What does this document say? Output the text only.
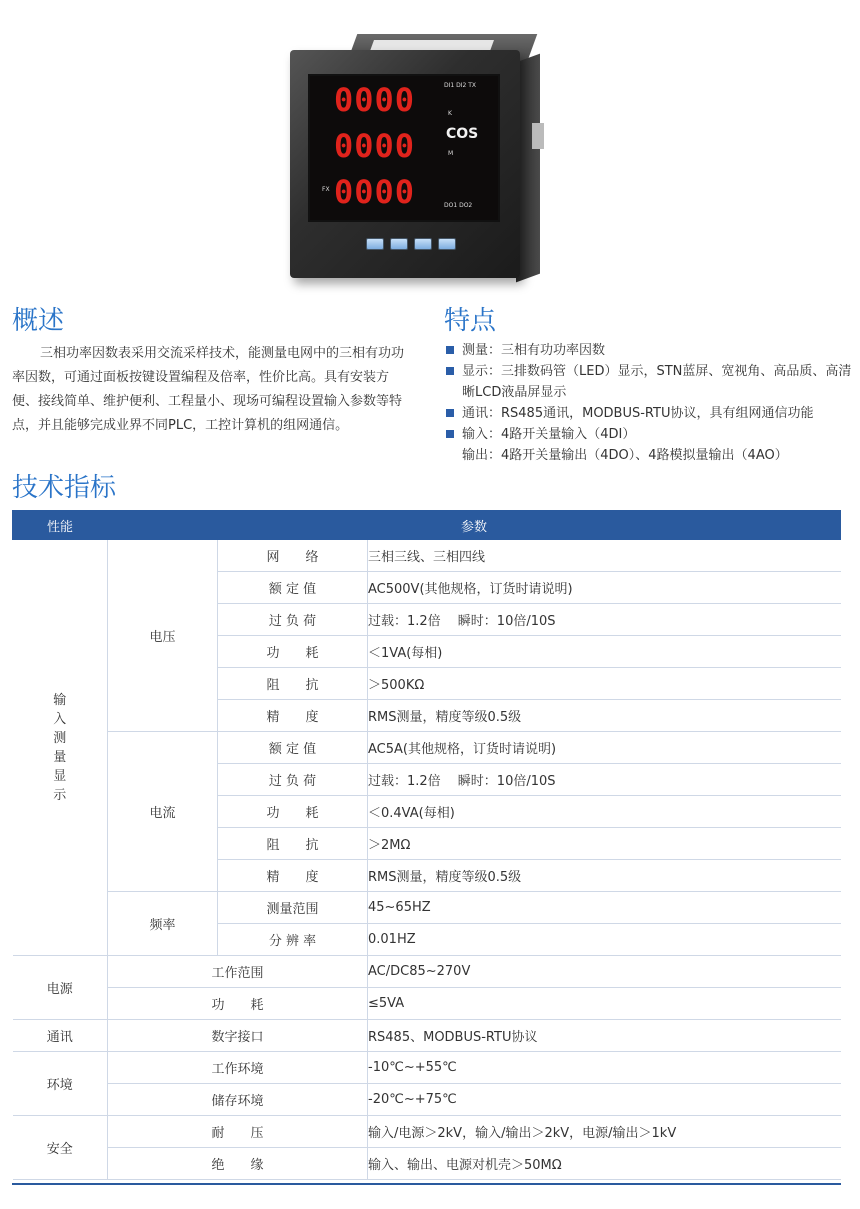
0000
0000
0000
DI1 DI2 TX
K
COS
M
FX
DO1 DO2
概述
三相功率因数表采用交流采样技术，能测量电网中的三相有功功率因数，可通过面板按键设置编程及倍率，性价比高。具有安装方便、接线简单、维护便利、工程量小、现场可编程设置输入参数等特点，并且能够完成业界不同PLC，工控计算机的组网通信。
特点

测量：三相有功功率因数

显示：三排数码管（LED）显示，STN蓝屏、宽视角、高品质、高清晰LCD液晶屏显示

通讯：RS485通讯，MODBUS-RTU协议，具有组网通信功能

输入：4路开关量输入（4DI）

输出：4路开关量输出（4DO）、4路模拟量输出（4AO）

技术指标
性能	参数		
输入测量显示	电压	网　　络	三相三线、三相四线
		额 定 值	AC500V(其他规格，订货时请说明)
		过 负 荷	过载：1.2倍　 瞬时：10倍/10S
		功　　耗	＜1VA(每相)
		阻　　抗	＞500KΩ
		精　　度	RMS测量，精度等级0.5级
	电流	额 定 值	AC5A(其他规格，订货时请说明)
		过 负 荷	过载：1.2倍　 瞬时：10倍/10S
		功　　耗	＜0.4VA(每相)
		阻　　抗	＞2MΩ
		精　　度	RMS测量，精度等级0.5级
	频率	测量范围	45~65HZ
		分 辨 率	0.01HZ
电源	工作范围		AC/DC85~270V
	功　　耗		≤5VA
通讯	数字接口		RS485、MODBUS-RTU协议
环境	工作环境		-10℃~+55℃
	储存环境		-20℃~+75℃
安全	耐　　压		输入/电源＞2kV，输入/输出＞2kV，电源/输出＞1kV
	绝　　缘		输入、输出、电源对机壳＞50MΩ
